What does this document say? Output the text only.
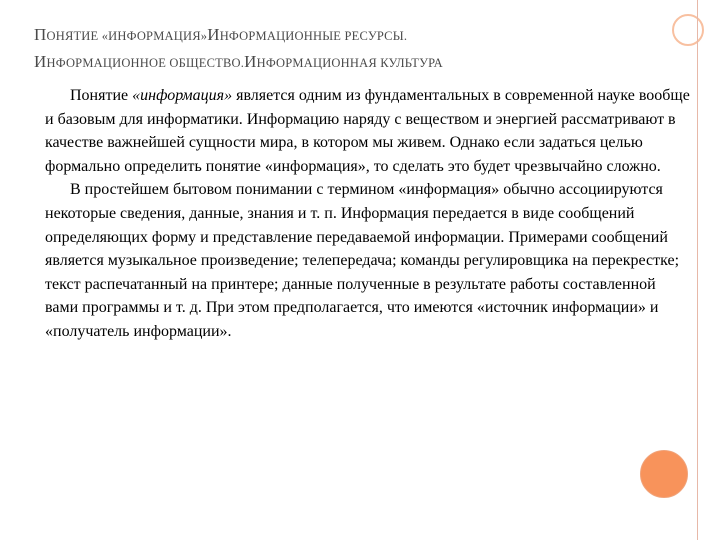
ПОНЯТИЕ «ИНФОРМАЦИЯ»ИНФОРМАЦИОННЫЕ РЕСУРСЫ.
ИНФОРМАЦИОННОЕ ОБЩЕСТВО.ИНФОРМАЦИОННАЯ КУЛЬТУРА

Понятие «информация» является одним из фундаментальных в современной науке вообще и базовым для информатики. Информацию наряду с веществом и энергией рассматривают в качестве важнейшей сущности мира, в котором мы живем. Однако если задаться целью формально определить понятие «информация», то сделать это будет чрезвычайно сложно.

В простейшем бытовом понимании с термином «информация» обычно ассоциируются некоторые сведения, данные, знания и т. п. Информация передается в виде сообщений определяющих форму и представление передаваемой информации. Примерами сообщений является музыкальное произведение; телепередача; команды регулировщика на перекрестке; текст распечатанный на принтере; данные полученные в результате работы составленной вами программы и т. д. При этом предполагается, что имеются «источник информации» и «получатель информации».
